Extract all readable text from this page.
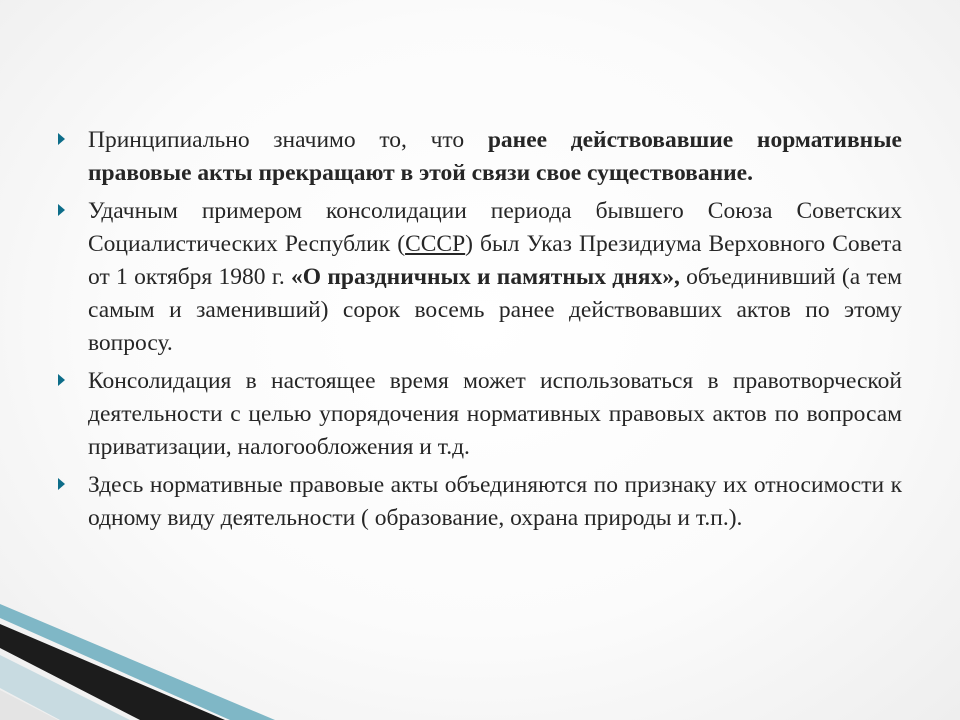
Принципиально значимо то, что ранее действовавшие нормативные правовые акты прекращают в этой связи свое существование.
Удачным примером консолидации периода бывшего Союза Советских Социалистических Республик (СССР) был Указ Президиума Верховного Совета от 1 октября 1980 г. «О праздничных и памятных днях», объединивший (а тем самым и заменивший) сорок восемь ранее действовавших актов по этому вопросу.
Консолидация в настоящее время может использоваться в правотворческой деятельности с целью упорядочения нормативных правовых актов по вопросам приватизации, налогообложения и т.д.
Здесь нормативные правовые акты объединяются по признаку их относимости к одному виду деятельности ( образование, охрана природы и т.п.).
